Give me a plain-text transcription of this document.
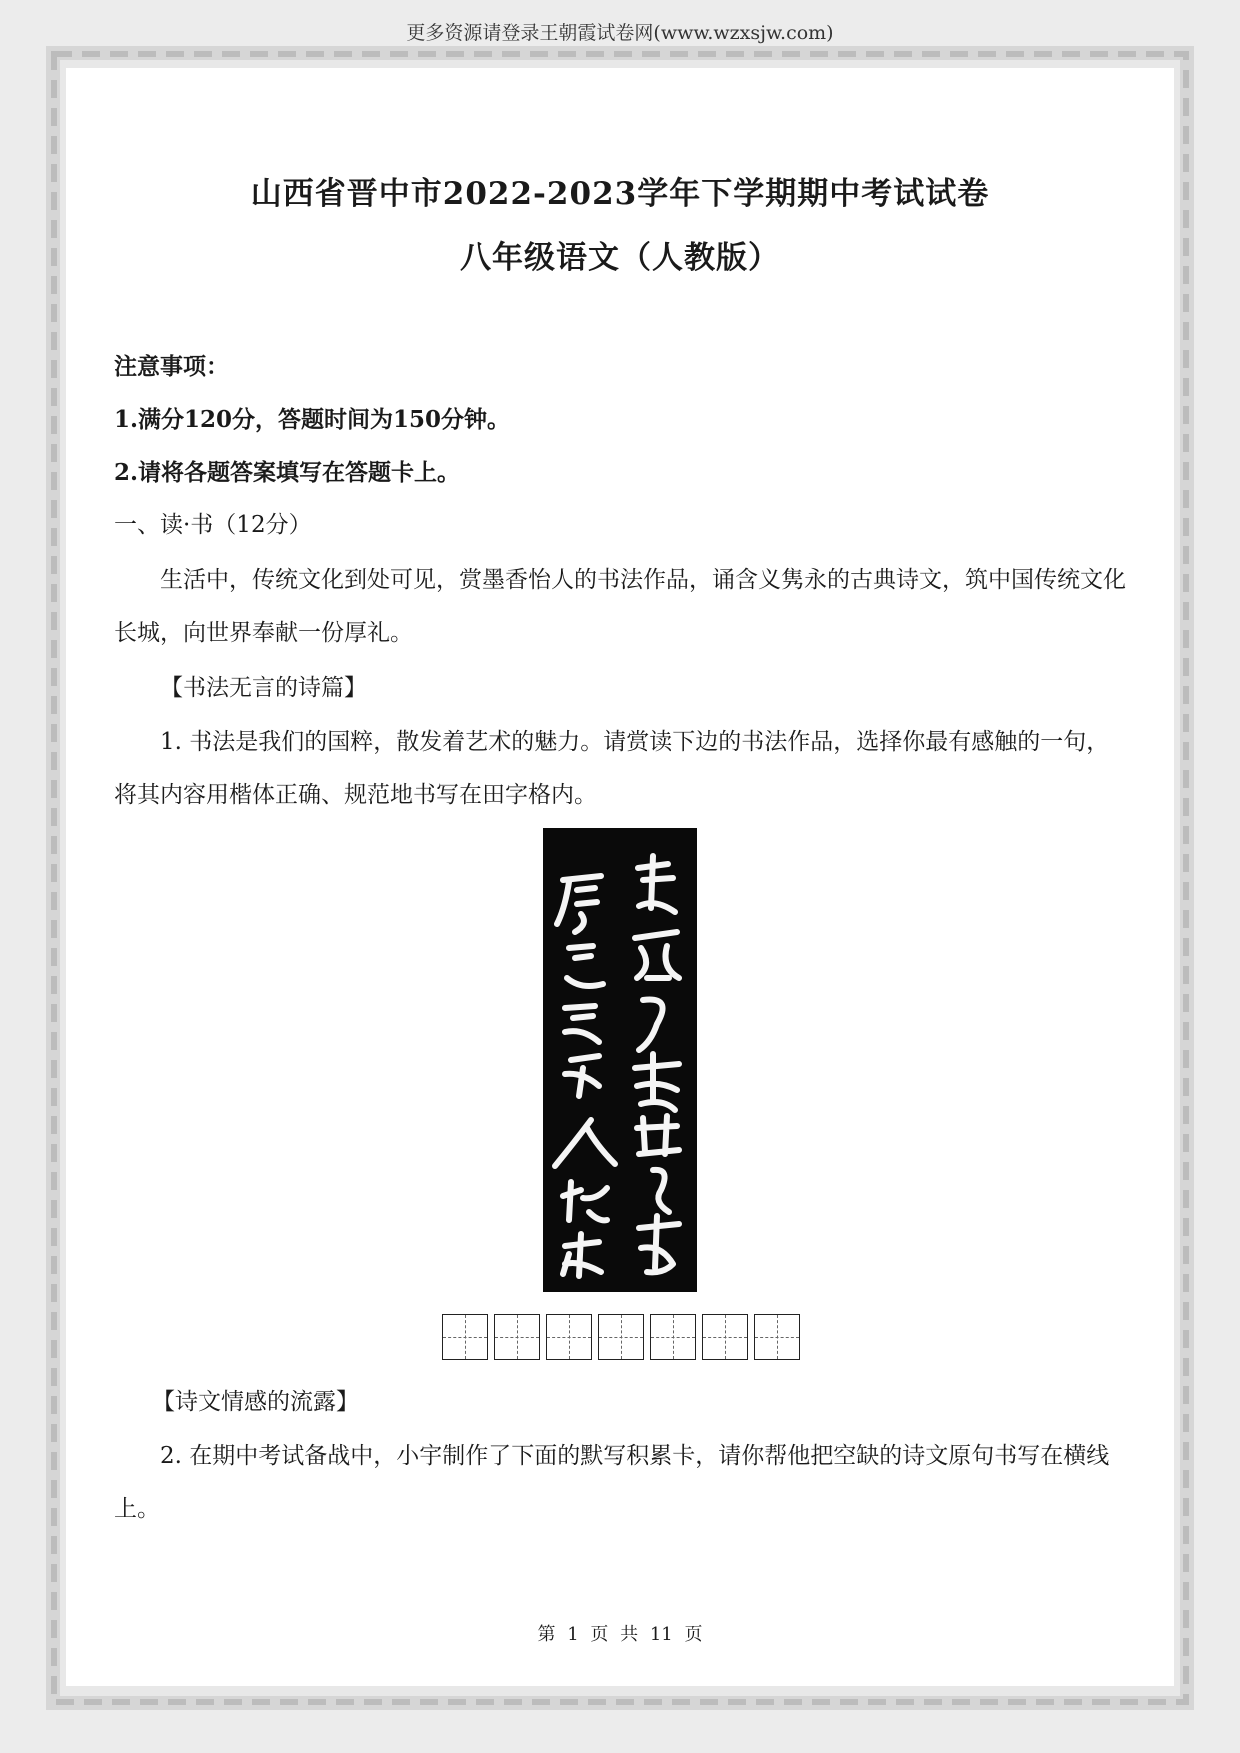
更多资源请登录王朝霞试卷网(www.wzxsjw.com)
山西省晋中市2022-2023学年下学期期中考试试卷
八年级语文（人教版）
注意事项：
1.满分120分，答题时间为150分钟。
2.请将各题答案填写在答题卡上。
一、读·书（12分）
生活中，传统文化到处可见，赏墨香怡人的书法作品，诵含义隽永的古典诗文，筑中国传统文化长城，向世界奉献一份厚礼。
【书法无言的诗篇】
1. 书法是我们的国粹，散发着艺术的魅力。请赏读下边的书法作品，选择你最有感触的一句，将其内容用楷体正确、规范地书写在田字格内。
【诗文情感的流露】
2. 在期中考试备战中，小宇制作了下面的默写积累卡，请你帮他把空缺的诗文原句书写在横线上。
第 1 页 共 11 页
